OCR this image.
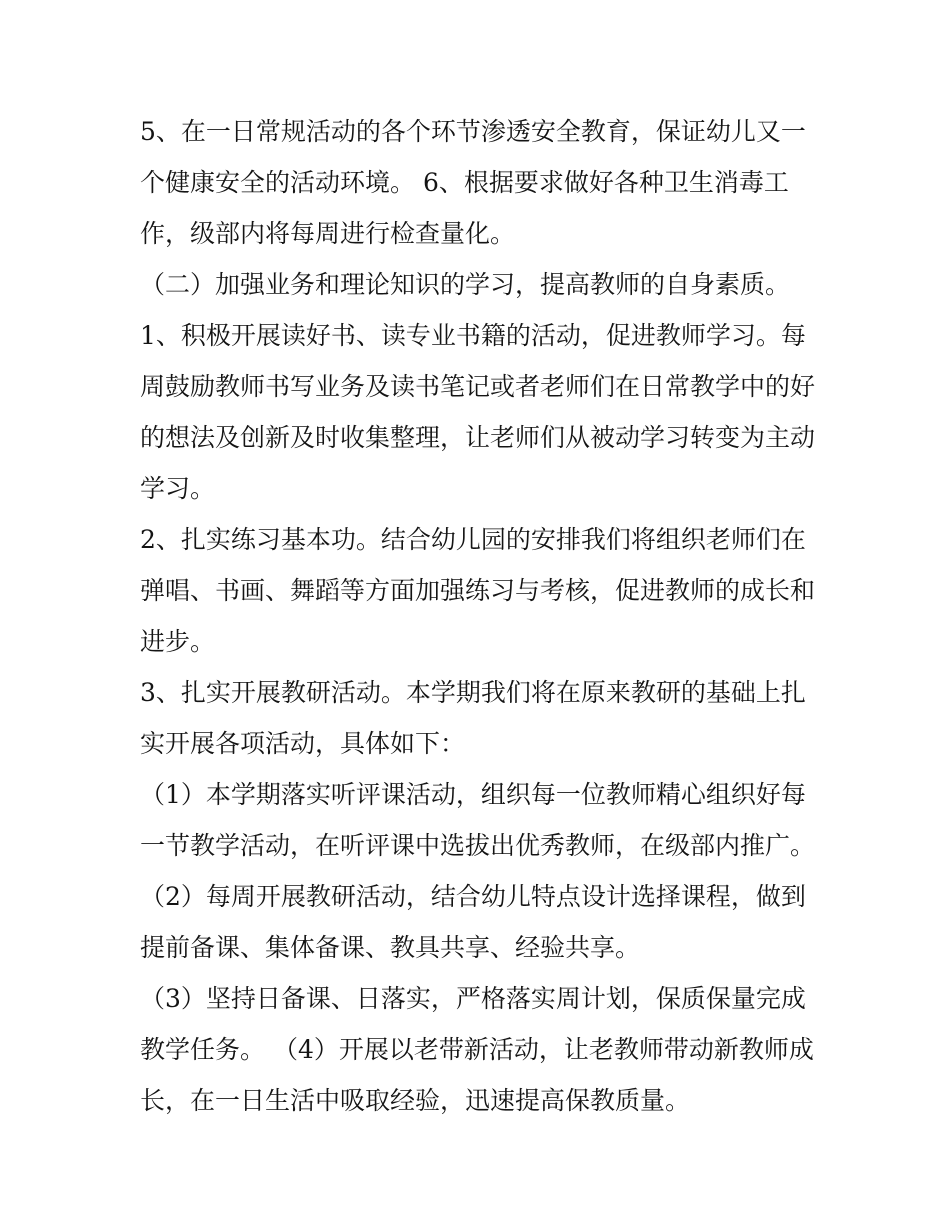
5、在一日常规活动的各个环节渗透安全教育，保证幼儿又一
个健康安全的活动环境。 6、根据要求做好各种卫生消毒工
作，级部内将每周进行检查量化。
（二）加强业务和理论知识的学习，提高教师的自身素质。
1、积极开展读好书、读专业书籍的活动，促进教师学习。每
周鼓励教师书写业务及读书笔记或者老师们在日常教学中的好
的想法及创新及时收集整理，让老师们从被动学习转变为主动
学习。
2、扎实练习基本功。结合幼儿园的安排我们将组织老师们在
弹唱、书画、舞蹈等方面加强练习与考核，促进教师的成长和
进步。
3、扎实开展教研活动。本学期我们将在原来教研的基础上扎
实开展各项活动，具体如下：
（1）本学期落实听评课活动，组织每一位教师精心组织好每
一节教学活动，在听评课中选拔出优秀教师，在级部内推广。
（2）每周开展教研活动，结合幼儿特点设计选择课程，做到
提前备课、集体备课、教具共享、经验共享。
（3）坚持日备课、日落实，严格落实周计划，保质保量完成
教学任务。 （4）开展以老带新活动，让老教师带动新教师成
长，在一日生活中吸取经验，迅速提高保教质量。
